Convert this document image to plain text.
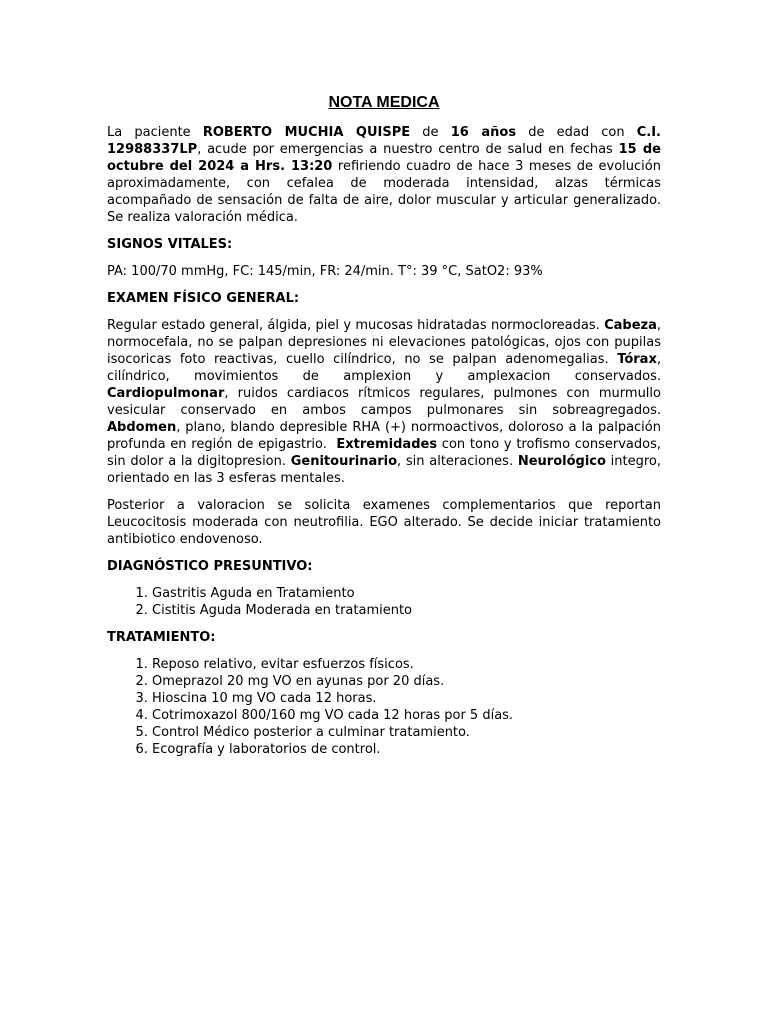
NOTA MEDICA

La paciente ROBERTO MUCHIA QUISPE de 16 años de edad con C.I. 12988337LP, acude por emergencias a nuestro centro de salud en fechas 15 de octubre del 2024 a Hrs. 13:20 refiriendo cuadro de hace 3 meses de evolución aproximadamente, con cefalea de moderada intensidad, alzas térmicas acompañado de sensación de falta de aire, dolor muscular y articular generalizado. Se realiza valoración médica.

SIGNOS VITALES:

PA: 100/70 mmHg, FC: 145/min, FR: 24/min. T°: 39 °C, SatO2: 93%

EXAMEN FÍSICO GENERAL:

Regular estado general, álgida, piel y mucosas hidratadas normocloreadas. Cabeza, normocefala, no se palpan depresiones ni elevaciones patológicas, ojos con pupilas isocoricas foto reactivas, cuello cilíndrico, no se palpan adenomegalias. Tórax, cilíndrico, movimientos de amplexion y amplexacion conservados. Cardiopulmonar, ruidos cardiacos rítmicos regulares, pulmones con murmullo vesicular conservado en ambos campos pulmonares sin sobreagregados. Abdomen, plano, blando depresible RHA (+) normoactivos, doloroso a la palpación profunda en región de epigastrio.  Extremidades con tono y trofismo conservados, sin dolor a la digitopresion. Genitourinario, sin alteraciones. Neurológico integro, orientado en las 3 esferas mentales.

Posterior a valoracion se solicita examenes complementarios que reportan Leucocitosis moderada con neutrofilia. EGO alterado. Se decide iniciar tratamiento antibiotico endovenoso.

DIAGNÓSTICO PRESUNTIVO:
1. Gastritis Aguda en Tratamiento
2. Cistitis Aguda Moderada en tratamiento
TRATAMIENTO:
1. Reposo relativo, evitar esfuerzos físicos.
2. Omeprazol 20 mg VO en ayunas por 20 días.
3. Hioscina 10 mg VO cada 12 horas.
4. Cotrimoxazol 800/160 mg VO cada 12 horas por 5 días.
5. Control Médico posterior a culminar tratamiento.
6. Ecografía y laboratorios de control.
